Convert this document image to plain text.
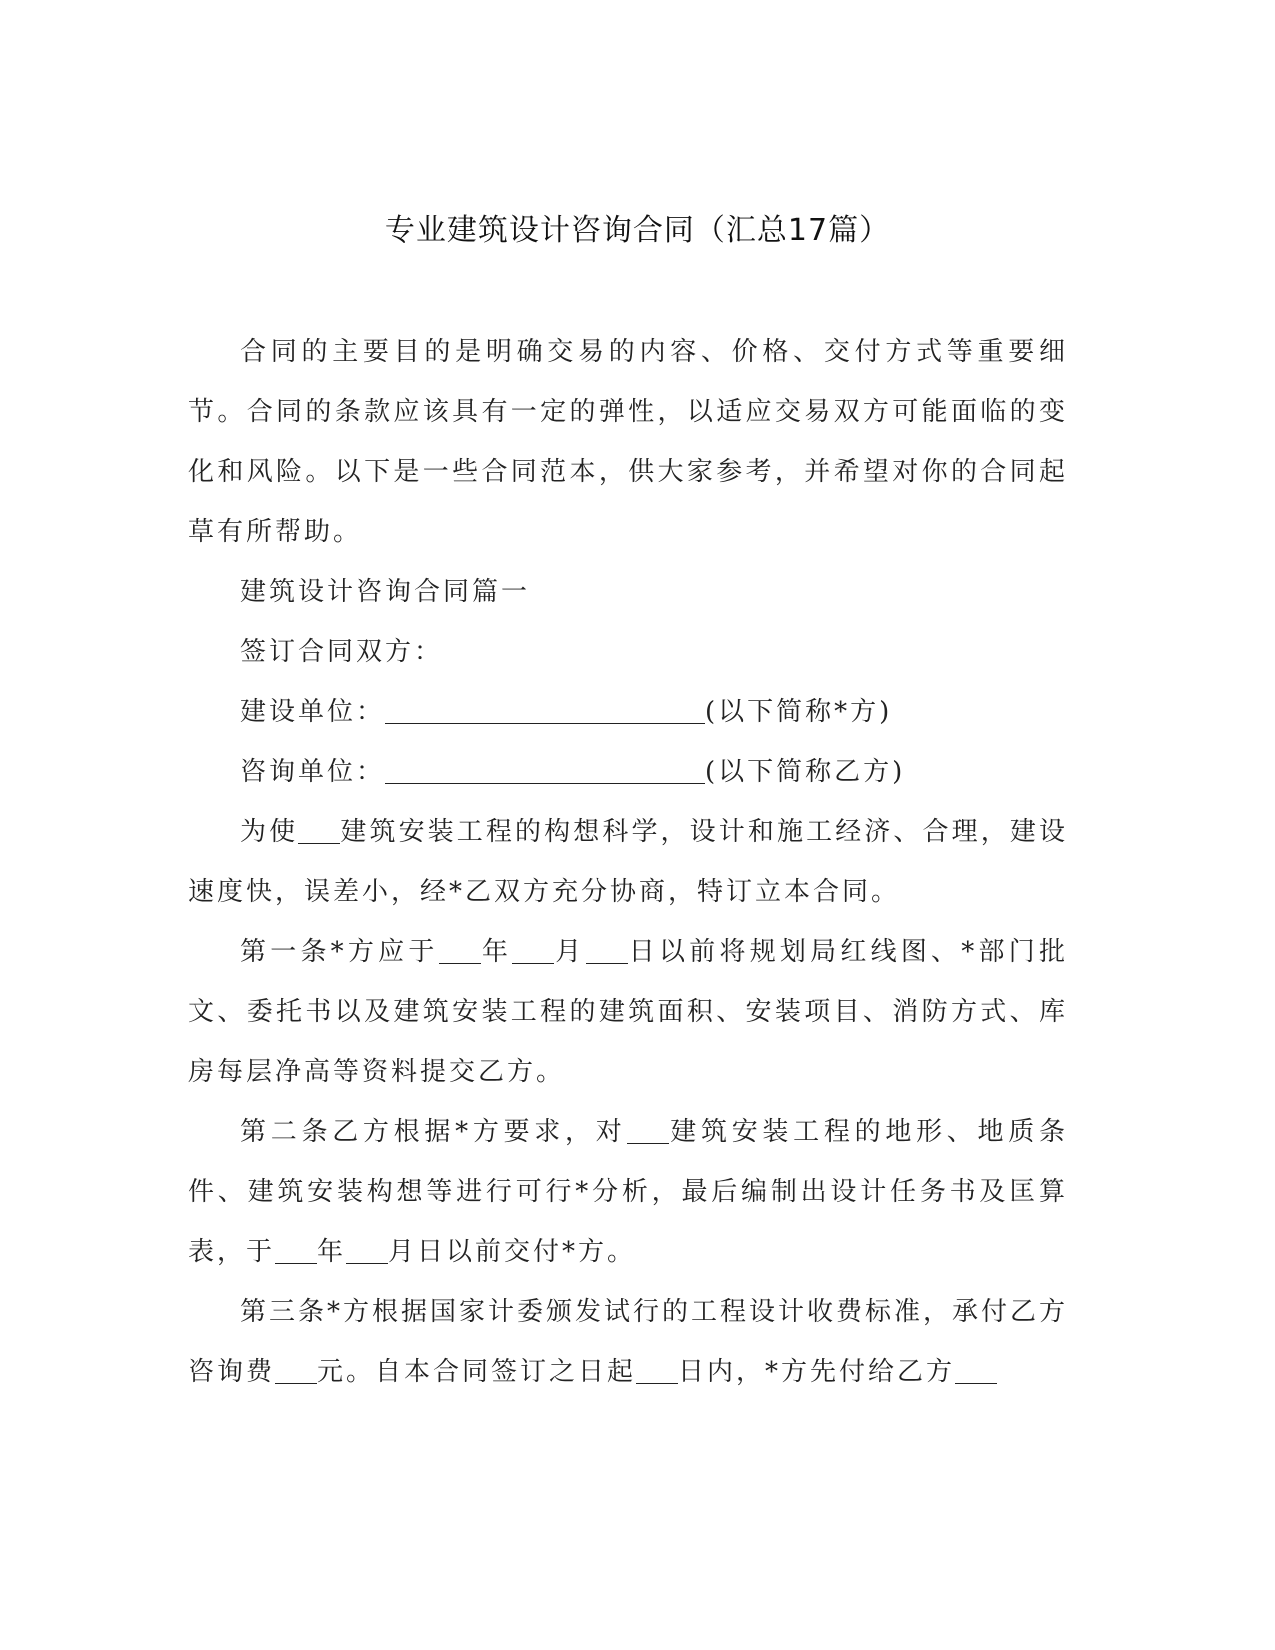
专业建筑设计咨询合同（汇总17篇）

合同的主要目的是明确交易的内容、价格、交付方式等重要细节。合同的条款应该具有一定的弹性，以适应交易双方可能面临的变化和风险。以下是一些合同范本，供大家参考，并希望对你的合同起草有所帮助。

建筑设计咨询合同篇一

签订合同双方：

建设单位：	(以下简称*方)

咨询单位：	(以下简称乙方)

为使 建筑安装工程的构想科学，设计和施工经济、合理，建设速度快，误差小，经*乙双方充分协商，特订立本合同。

第一条*方应于 年 月 日以前将规划局红线图、*部门批文、委托书以及建筑安装工程的建筑面积、安装项目、消防方式、库房每层净高等资料提交乙方。

第二条乙方根据*方要求，对 建筑安装工程的地形、地质条件、建筑安装构想等进行可行*分析，最后编制出设计任务书及匡算表，于 年 月日以前交付*方。

第三条*方根据国家计委颁发试行的工程设计收费标准，承付乙方咨询费 元。自本合同签订之日起 日内，*方先付给乙方
